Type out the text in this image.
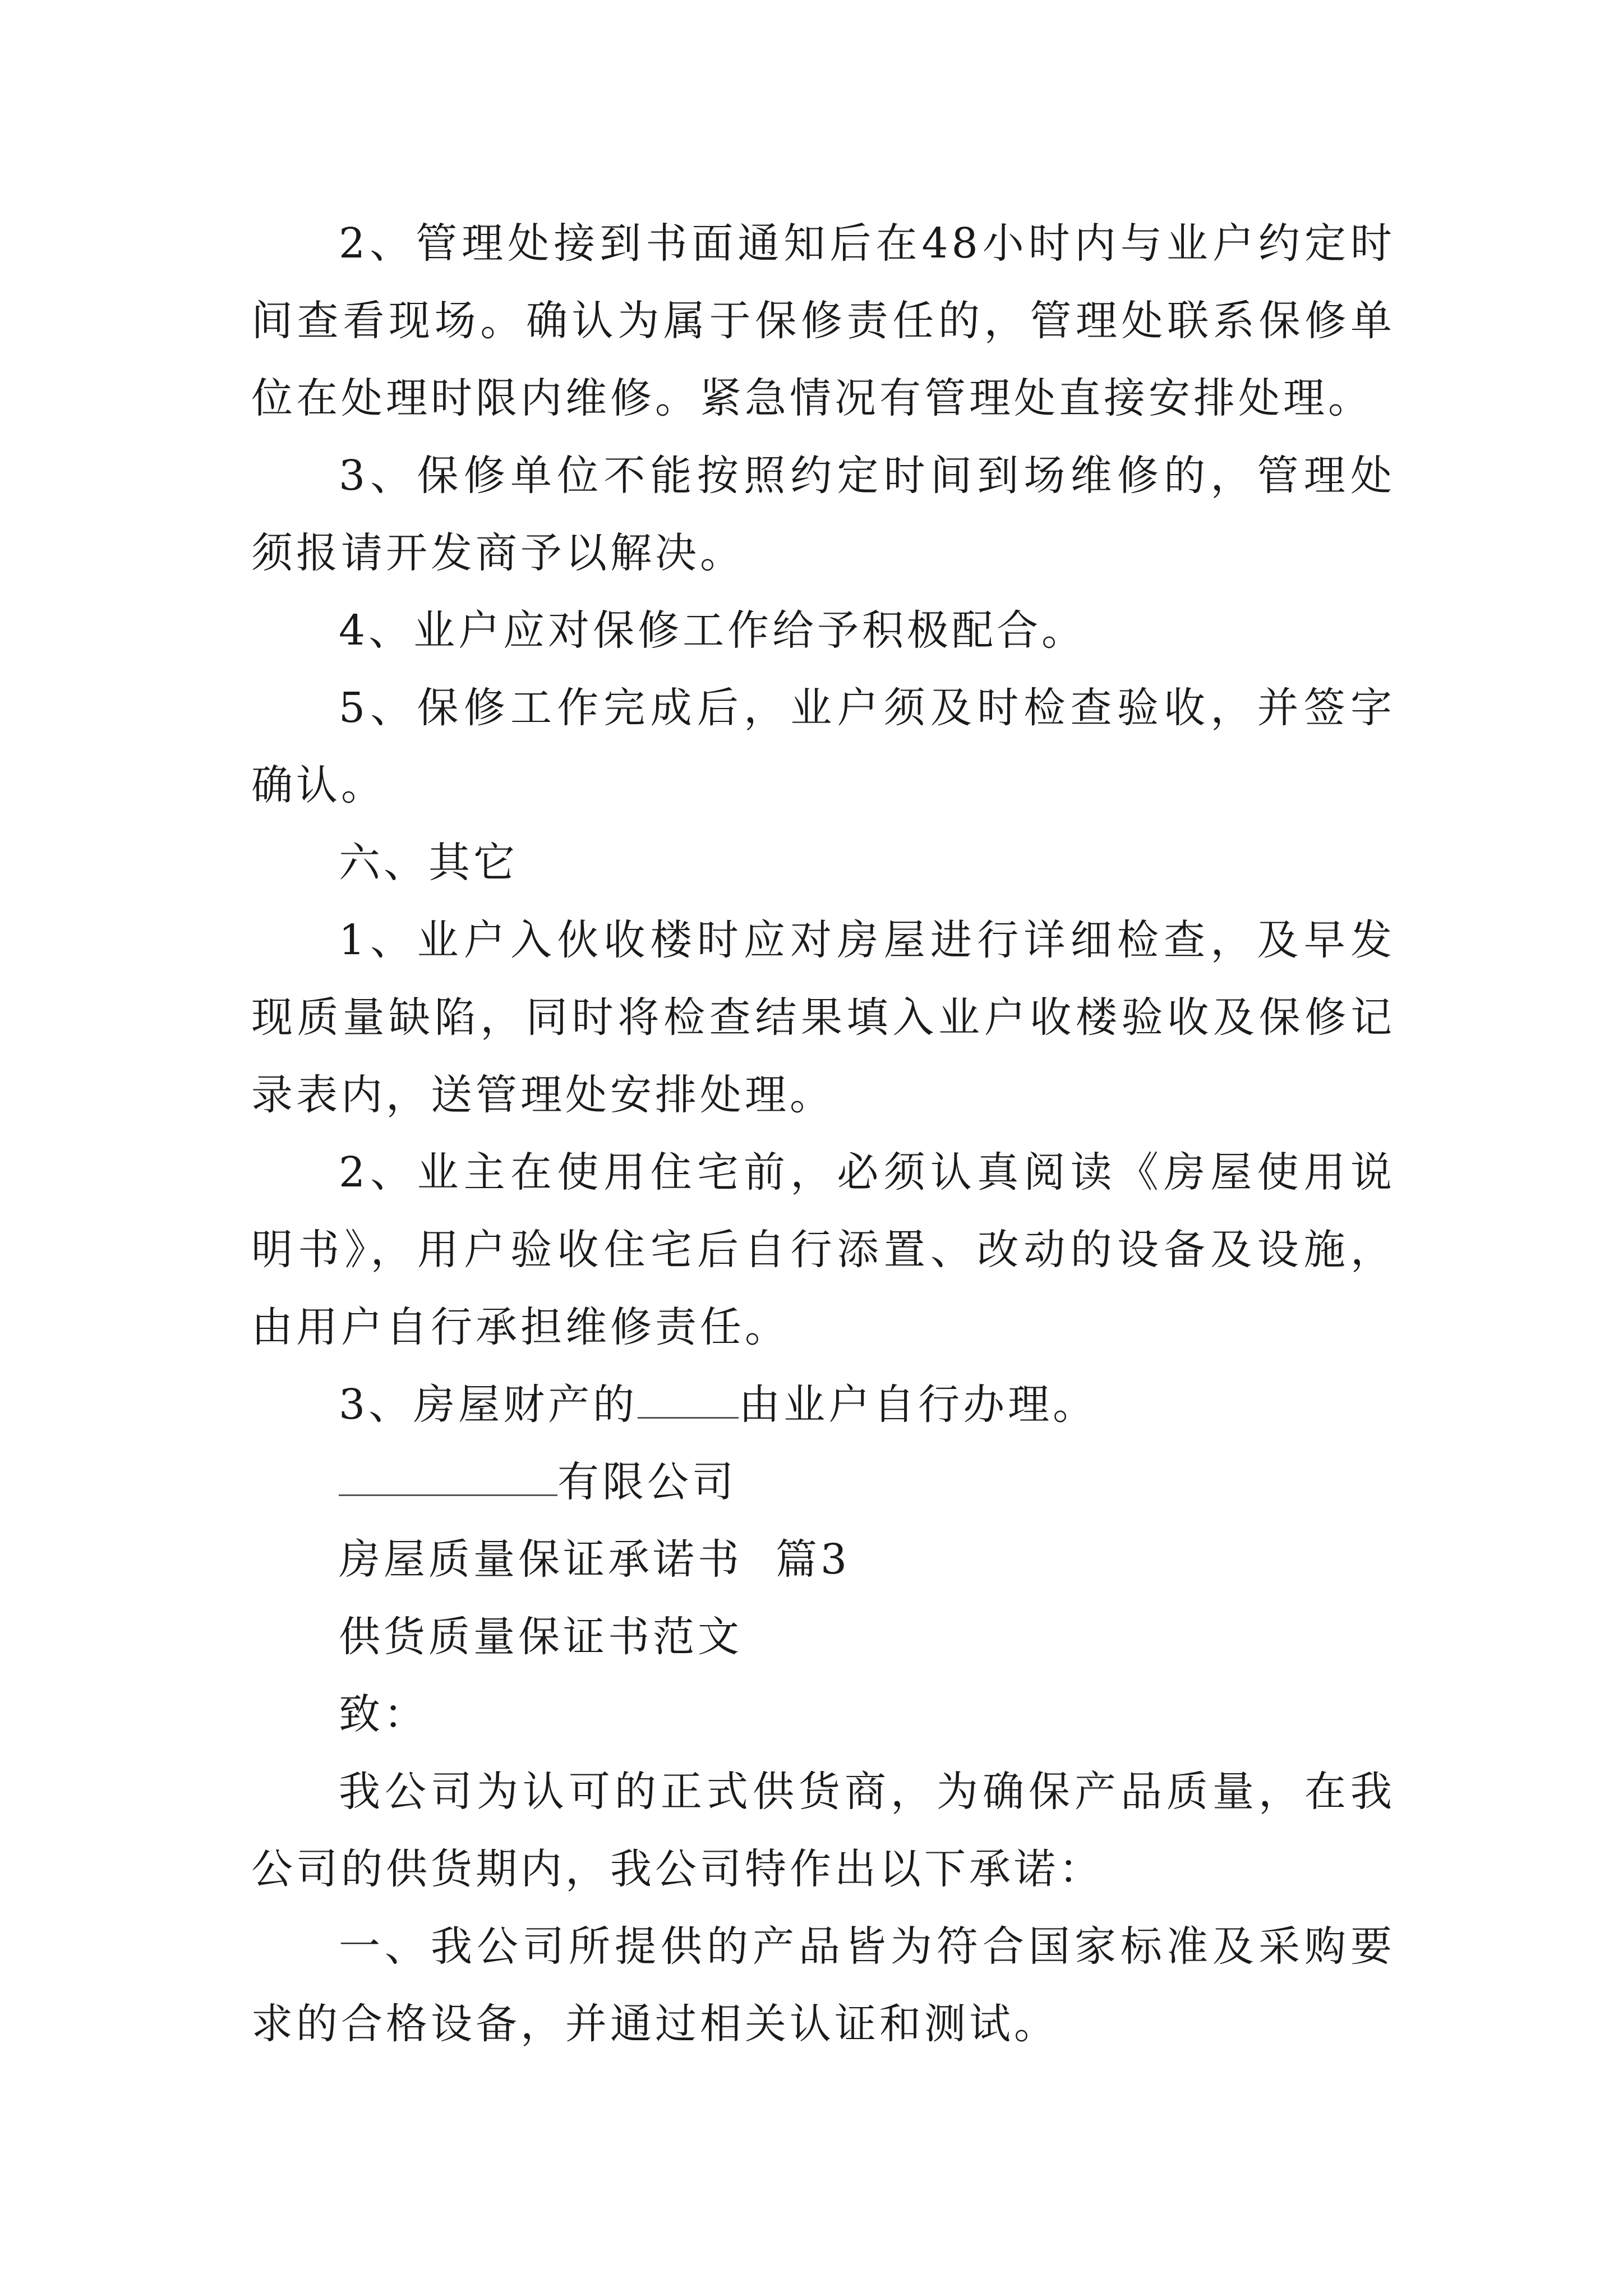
2、管理处接到书面通知后在48小时内与业户约定时间查看现场。确认为属于保修责任的，管理处联系保修单位在处理时限内维修。紧急情况有管理处直接安排处理。

3、保修单位不能按照约定时间到场维修的，管理处须报请开发商予以解决。

4、业户应对保修工作给予积极配合。

5、保修工作完成后，业户须及时检查验收，并签字确认。

六、其它

1、业户入伙收楼时应对房屋进行详细检查，及早发现质量缺陷，同时将检查结果填入业户收楼验收及保修记录表内，送管理处安排处理。

2、业主在使用住宅前，必须认真阅读《房屋使用说明书》，用户验收住宅后自行添置、改动的设备及设施，由用户自行承担维修责任。

3、房屋财产的 由业户自行办理。

有限公司

房屋质量保证承诺书  篇3

供货质量保证书范文

致：

我公司为认可的正式供货商，为确保产品质量，在我公司的供货期内，我公司特作出以下承诺：

一、我公司所提供的产品皆为符合国家标准及采购要求的合格设备，并通过相关认证和测试。
